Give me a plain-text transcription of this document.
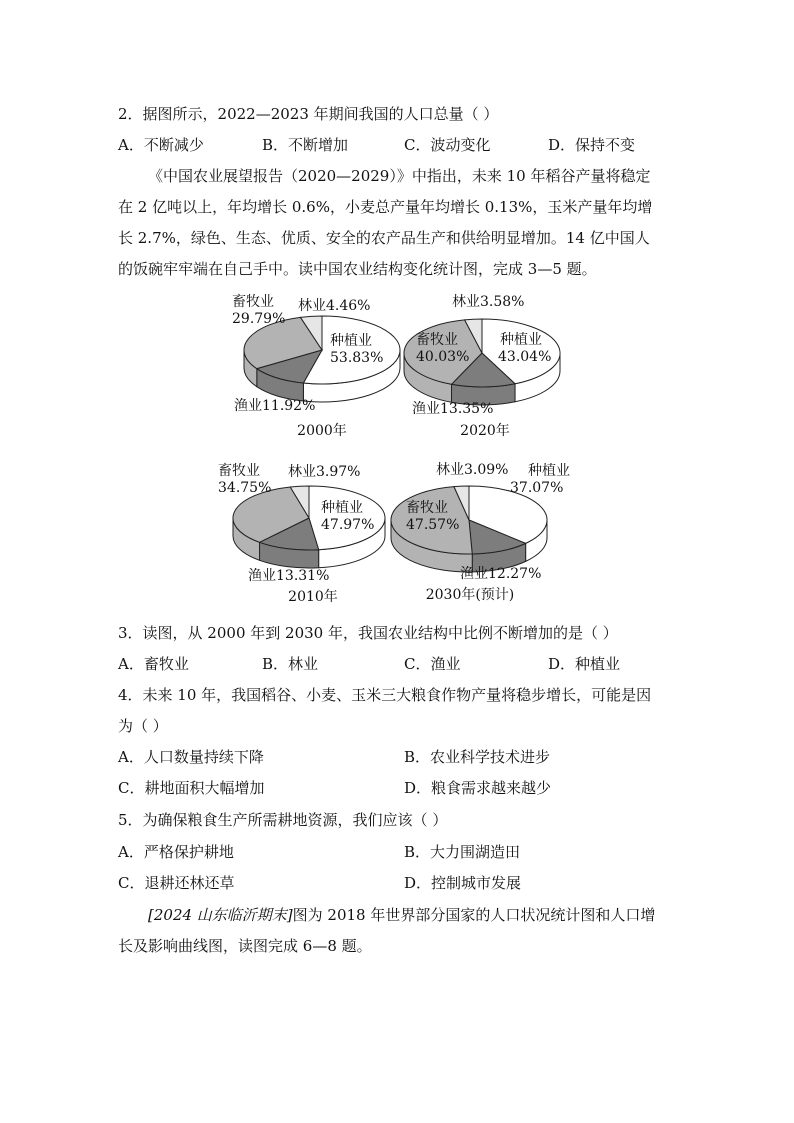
2．据图所示，2022—2023 年期间我国的人口总量（ ）
A．不断减少	B．不断增加	C．波动变化	D．保持不变
《中国农业展望报告（2020—2029）》中指出，未来 10 年稻谷产量将稳定
在 2 亿吨以上，年均增长 0.6%，小麦总产量年均增长 0.13%，玉米产量年均增
长 2.7%，绿色、生态、优质、安全的农产品生产和供给明显增加。14 亿中国人
的饭碗牢牢端在自己手中。读中国农业结构变化统计图，完成 3—5 题。
种植业
53.83%
畜牧业
29.79%
林业4.46%
渔业11.92%
2000年
种植业
43.04%
畜牧业
40.03%
林业3.58%
渔业13.35%
2020年
种植业
47.97%
畜牧业
34.75%
林业3.97%
渔业13.31%
2010年
种植业
37.07%
畜牧业
47.57%
林业3.09%
渔业12.27%
2030年(预计)
3．读图，从 2000 年到 2030 年，我国农业结构中比例不断增加的是（ ）
A．畜牧业	B．林业	C．渔业	D．种植业
4．未来 10 年，我国稻谷、小麦、玉米三大粮食作物产量将稳步增长，可能是因
为（ ）
A．人口数量持续下降	B．农业科学技术进步
C．耕地面积大幅增加	D．粮食需求越来越少
5．为确保粮食生产所需耕地资源，我们应该（ ）
A．严格保护耕地	B．大力围湖造田
C．退耕还林还草	D．控制城市发展
[2024 山东临沂期末]图为 2018 年世界部分国家的人口状况统计图和人口增
长及影响曲线图，读图完成 6—8 题。
